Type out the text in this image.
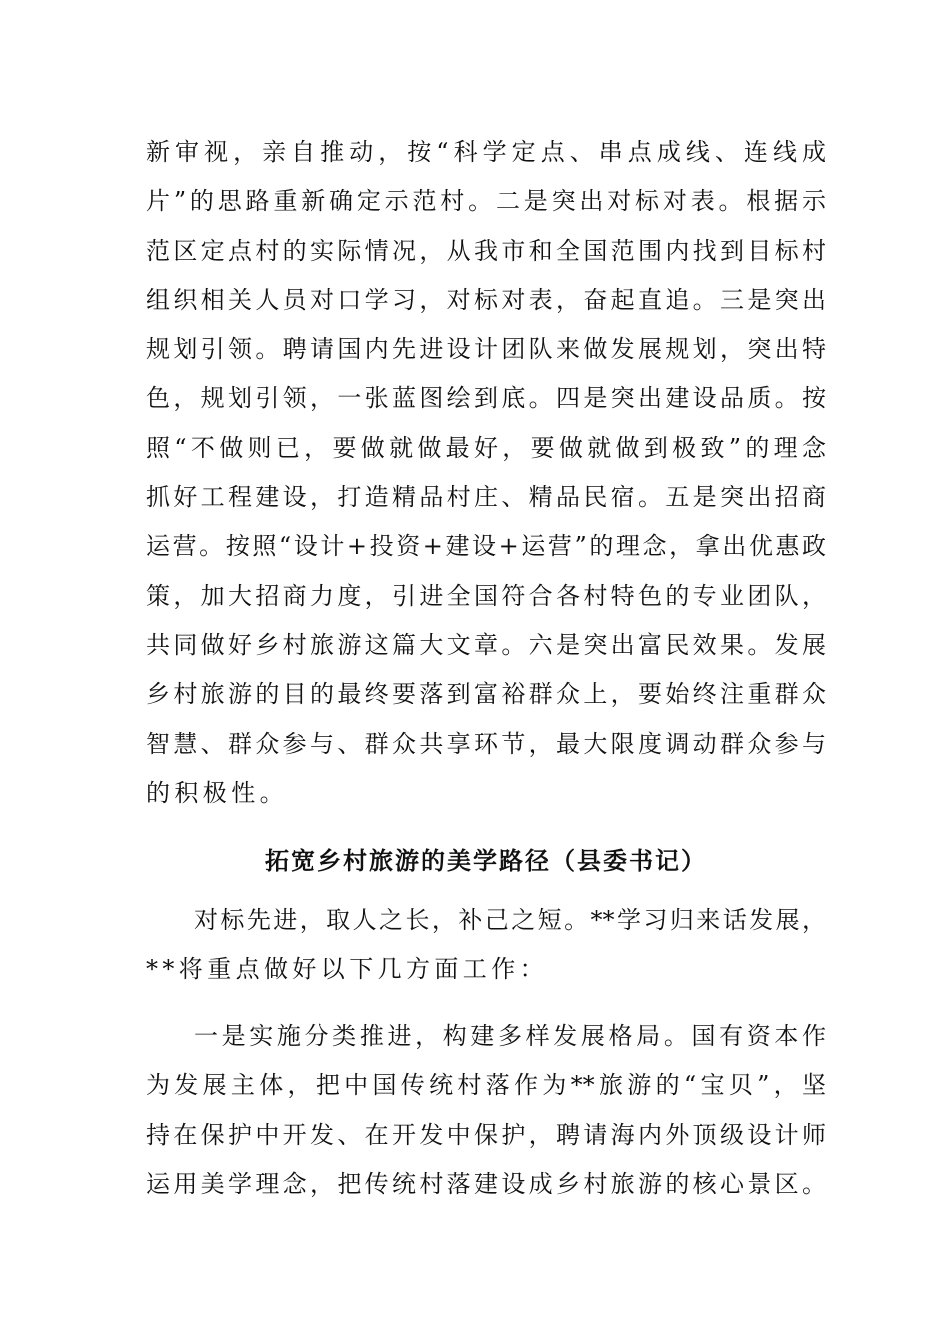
新审视，亲自推动，按“科学定点、串点成线、连线成
片”的思路重新确定示范村。二是突出对标对表。根据示
范区定点村的实际情况，从我市和全国范围内找到目标村
组织相关人员对口学习，对标对表，奋起直追。三是突出
规划引领。聘请国内先进设计团队来做发展规划，突出特
色，规划引领，一张蓝图绘到底。四是突出建设品质。按
照“不做则已，要做就做最好，要做就做到极致”的理念
抓好工程建设，打造精品村庄、精品民宿。五是突出招商
运营。按照“设计+投资+建设+运营”的理念，拿出优惠政
策，加大招商力度，引进全国符合各村特色的专业团队，
共同做好乡村旅游这篇大文章。六是突出富民效果。发展
乡村旅游的目的最终要落到富裕群众上，要始终注重群众
智慧、群众参与、群众共享环节，最大限度调动群众参与
的积极性。
拓宽乡村旅游的美学路径（县委书记）
对标先进，取人之长，补己之短。**学习归来话发展，
**将重点做好以下几方面工作：
一是实施分类推进，构建多样发展格局。国有资本作
为发展主体，把中国传统村落作为**旅游的“宝贝”，坚
持在保护中开发、在开发中保护，聘请海内外顶级设计师
运用美学理念，把传统村落建设成乡村旅游的核心景区。
